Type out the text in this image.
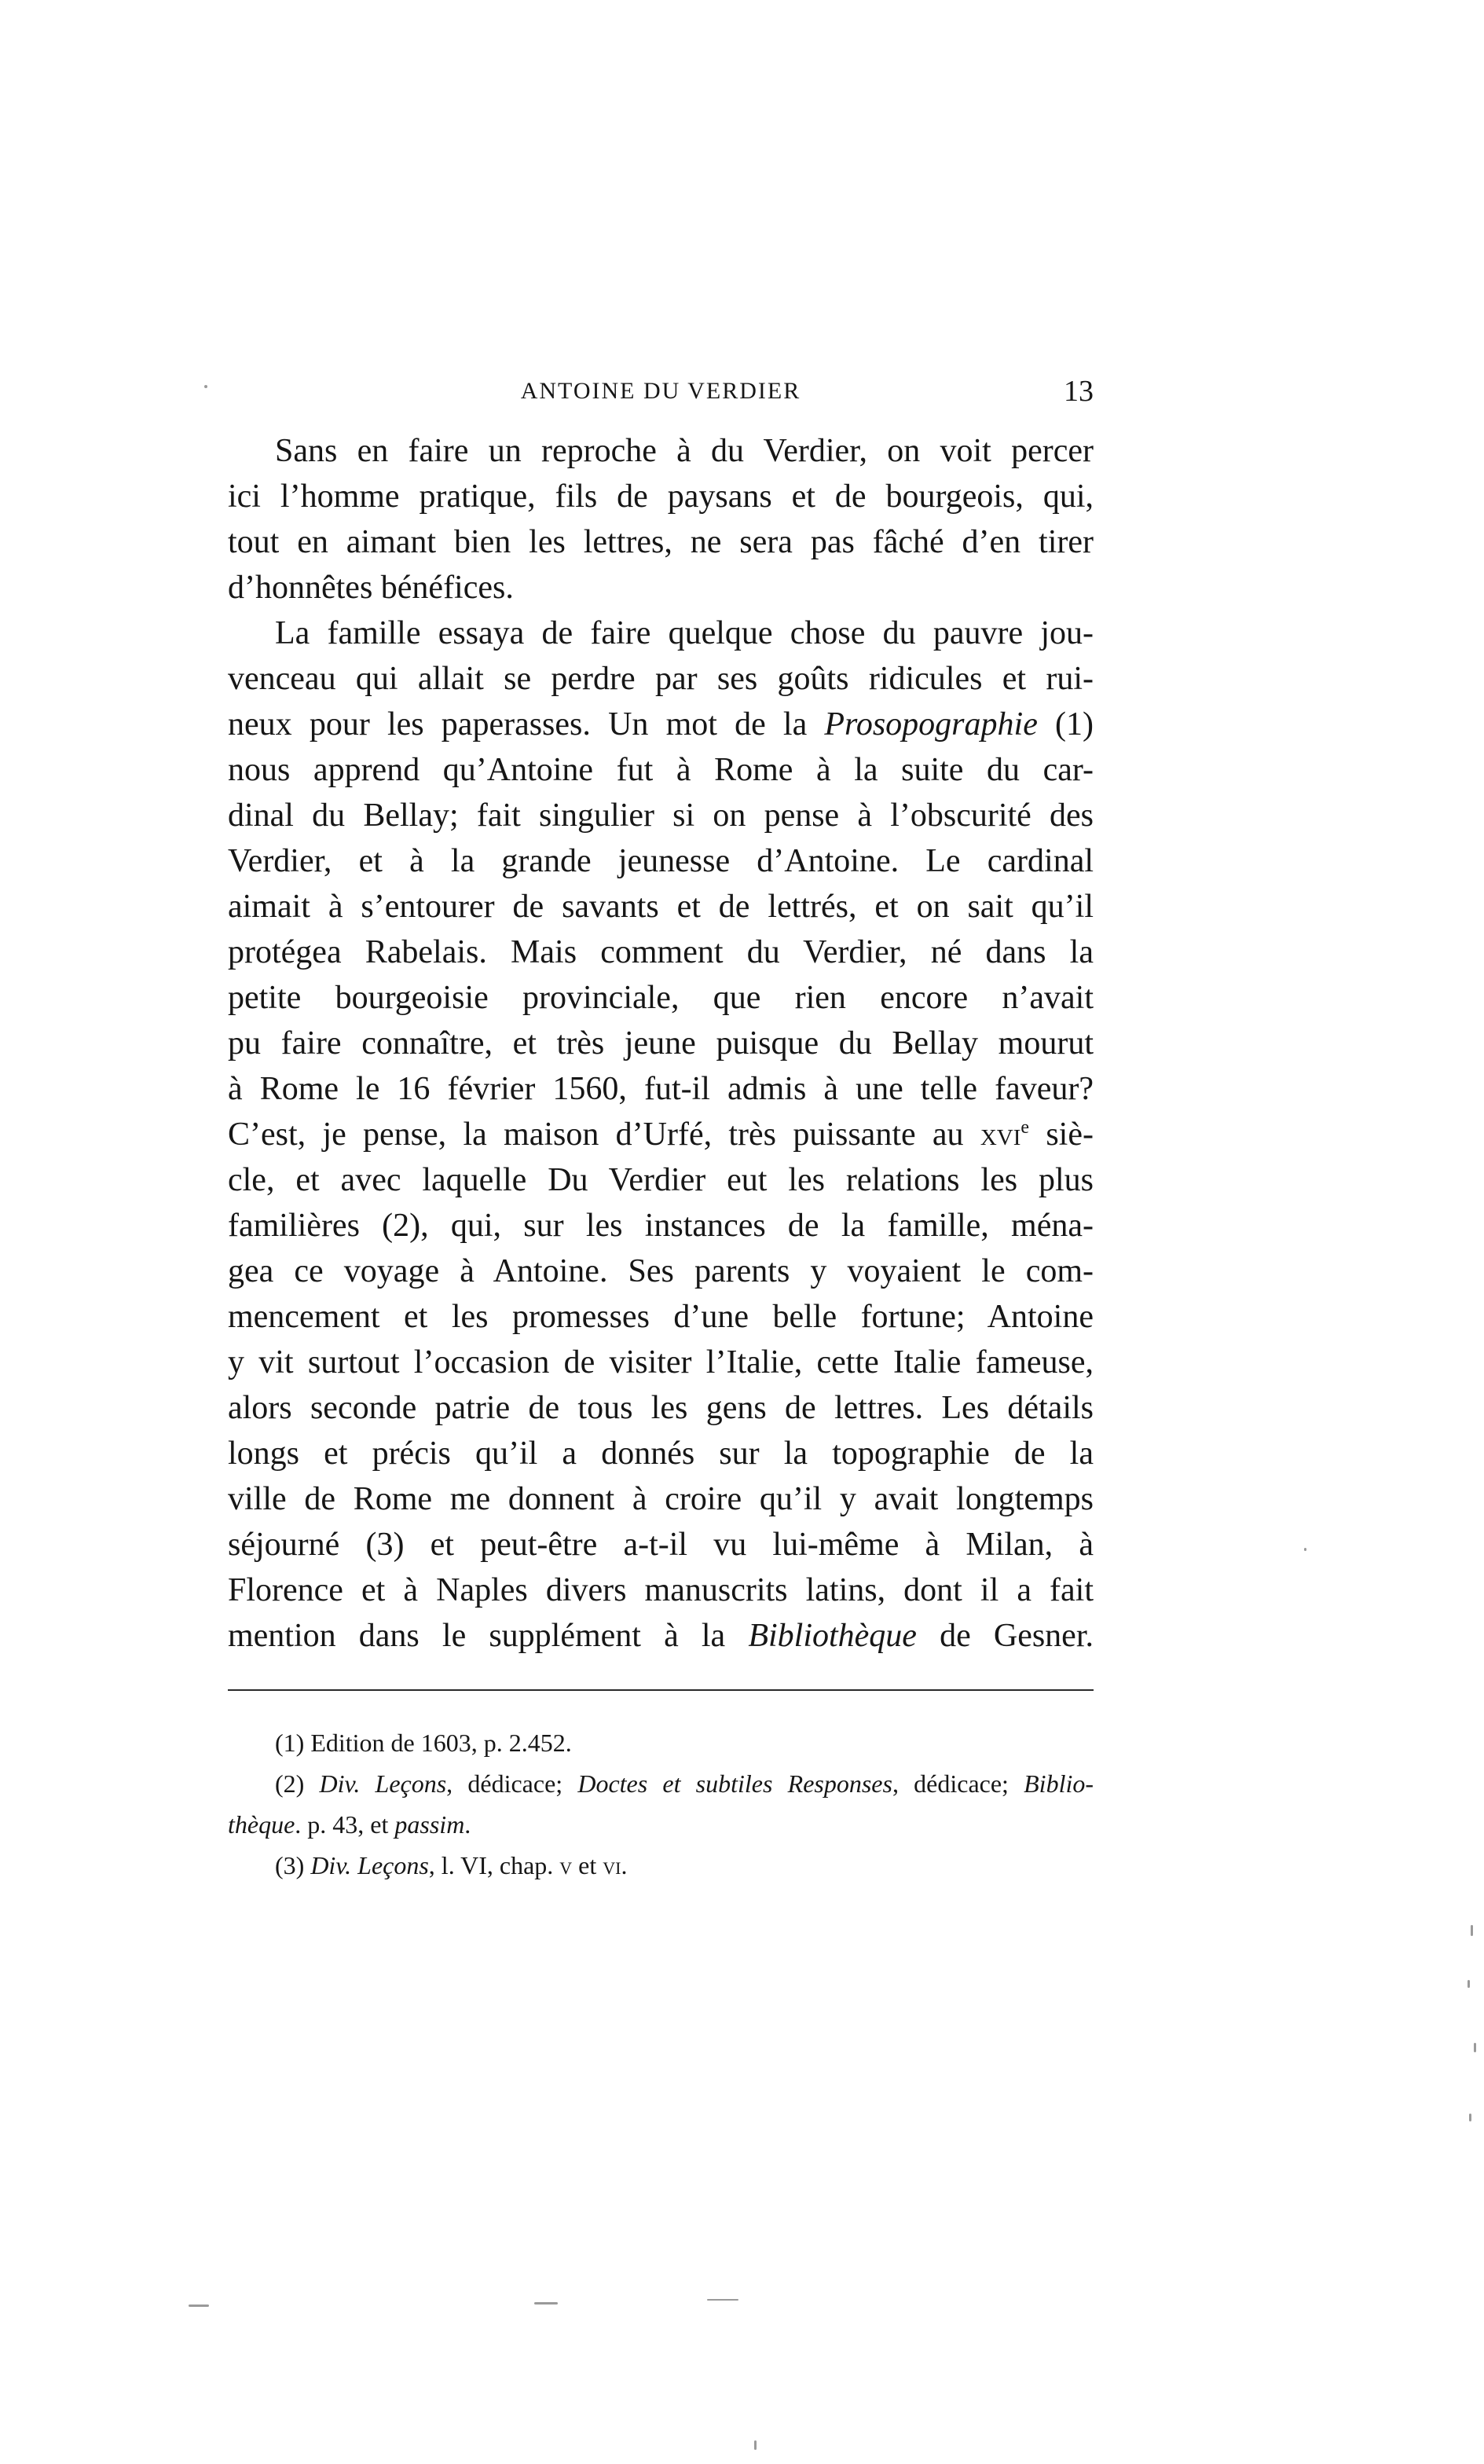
ANTOINE DU VERDIER	13
Sans en faire un reproche à du Verdier, on voit percer
ici l’homme pratique, fils de paysans et de bourgeois, qui,
tout en aimant bien les lettres, ne sera pas fâché d’en tirer
d’honnêtes bénéfices.
La famille essaya de faire quelque chose du pauvre jou-
venceau qui allait se perdre par ses goûts ridicules et rui-
neux pour les paperasses. Un mot de la Prosopographie (1)
nous apprend qu’Antoine fut à Rome à la suite du car-
dinal du Bellay; fait singulier si on pense à l’obscurité des
Verdier, et à la grande jeunesse d’Antoine. Le cardinal
aimait à s’entourer de savants et de lettrés, et on sait qu’il
protégea Rabelais. Mais comment du Verdier, né dans la
petite bourgeoisie provinciale, que rien encore n’avait
pu faire connaître, et très jeune puisque du Bellay mourut
à Rome le 16 février 1560, fut-il admis à une telle faveur?
C’est, je pense, la maison d’Urfé, très puissante au xvi$^e$ siè-
cle, et avec laquelle Du Verdier eut les relations les plus
familières (2), qui, sur les instances de la famille, ména-
gea ce voyage à Antoine. Ses parents y voyaient le com-
mencement et les promesses d’une belle fortune; Antoine
y vit surtout l’occasion de visiter l’Italie, cette Italie fameuse,
alors seconde patrie de tous les gens de lettres. Les détails
longs et précis qu’il a donnés sur la topographie de la
ville de Rome me donnent à croire qu’il y avait longtemps
séjourné (3) et peut-être a-t-il vu lui-même à Milan, à
Florence et à Naples divers manuscrits latins, dont il a fait
mention dans le supplément à la Bibliothèque de Gesner.
(1) Edition de 1603, p. 2.452.
(2) Div. Leçons, dédicace; Doctes et subtiles Responses, dédicace; Biblio-
thèque. p. 43, et passim.
(3) Div. Leçons, l. VI, chap. v et vi.
